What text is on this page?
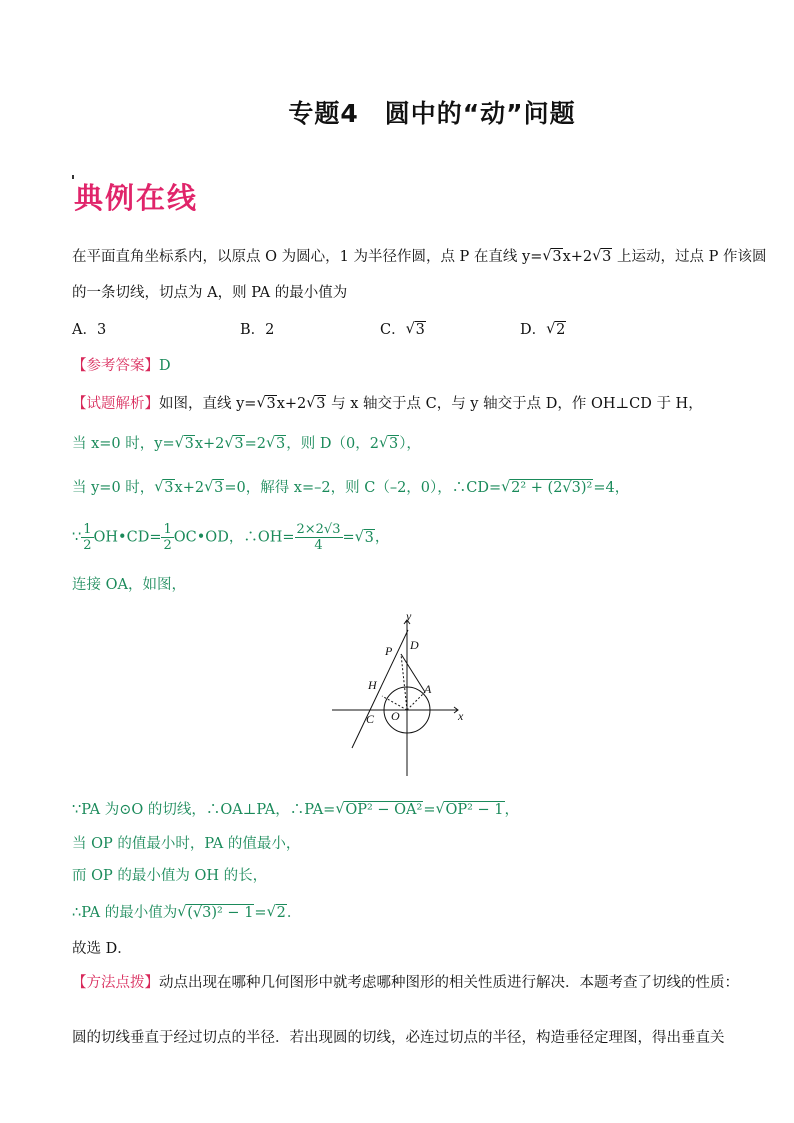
专题4　圆中的“动”问题
典例在线
在平面直角坐标系内，以原点 O 为圆心，1 为半径作圆，点 P 在直线 y= √ 3x+2 √ 3 上运动，过点 P 作该圆
的一条切线，切点为 A，则 PA 的最小值为
A．3	B．2	C． √ 3	D． √ 2
【参考答案】D
【试题解析】如图，直线 y= √ 3x+2 √ 3 与 x 轴交于点 C，与 y 轴交于点 D，作 OH⊥CD 于 H，
当 x=0 时，y= √ 3x+2 √ 3=2 √ 3，则 D（0，2 √ 3），
当 y=0 时， √ 3x+2 √ 3=0，解得 x=–2，则 C（–2，0），∴CD= √ 2² + (2√3)²=4，
∵ $\frac{1}{2}$ OH•CD= $\frac{1}{2}$ OC•OD，∴OH= $\frac{2\times 2√3}{4}$ = √ 3，
连接 OA，如图，
y
x
D
P
H	A
C O
∵PA 为⊙O 的切线，∴OA⊥PA，∴PA= √ OP² − OA²= √ OP² − 1，
当 OP 的值最小时，PA 的值最小，
而 OP 的最小值为 OH 的长，
∴PA 的最小值为 √ (√3)² − 1= √ 2．
故选 D．
【方法点拨】动点出现在哪种几何图形中就考虑哪种图形的相关性质进行解决．本题考查了切线的性质：
圆的切线垂直于经过切点的半径．若出现圆的切线，必连过切点的半径，构造垂径定理图，得出垂直关
